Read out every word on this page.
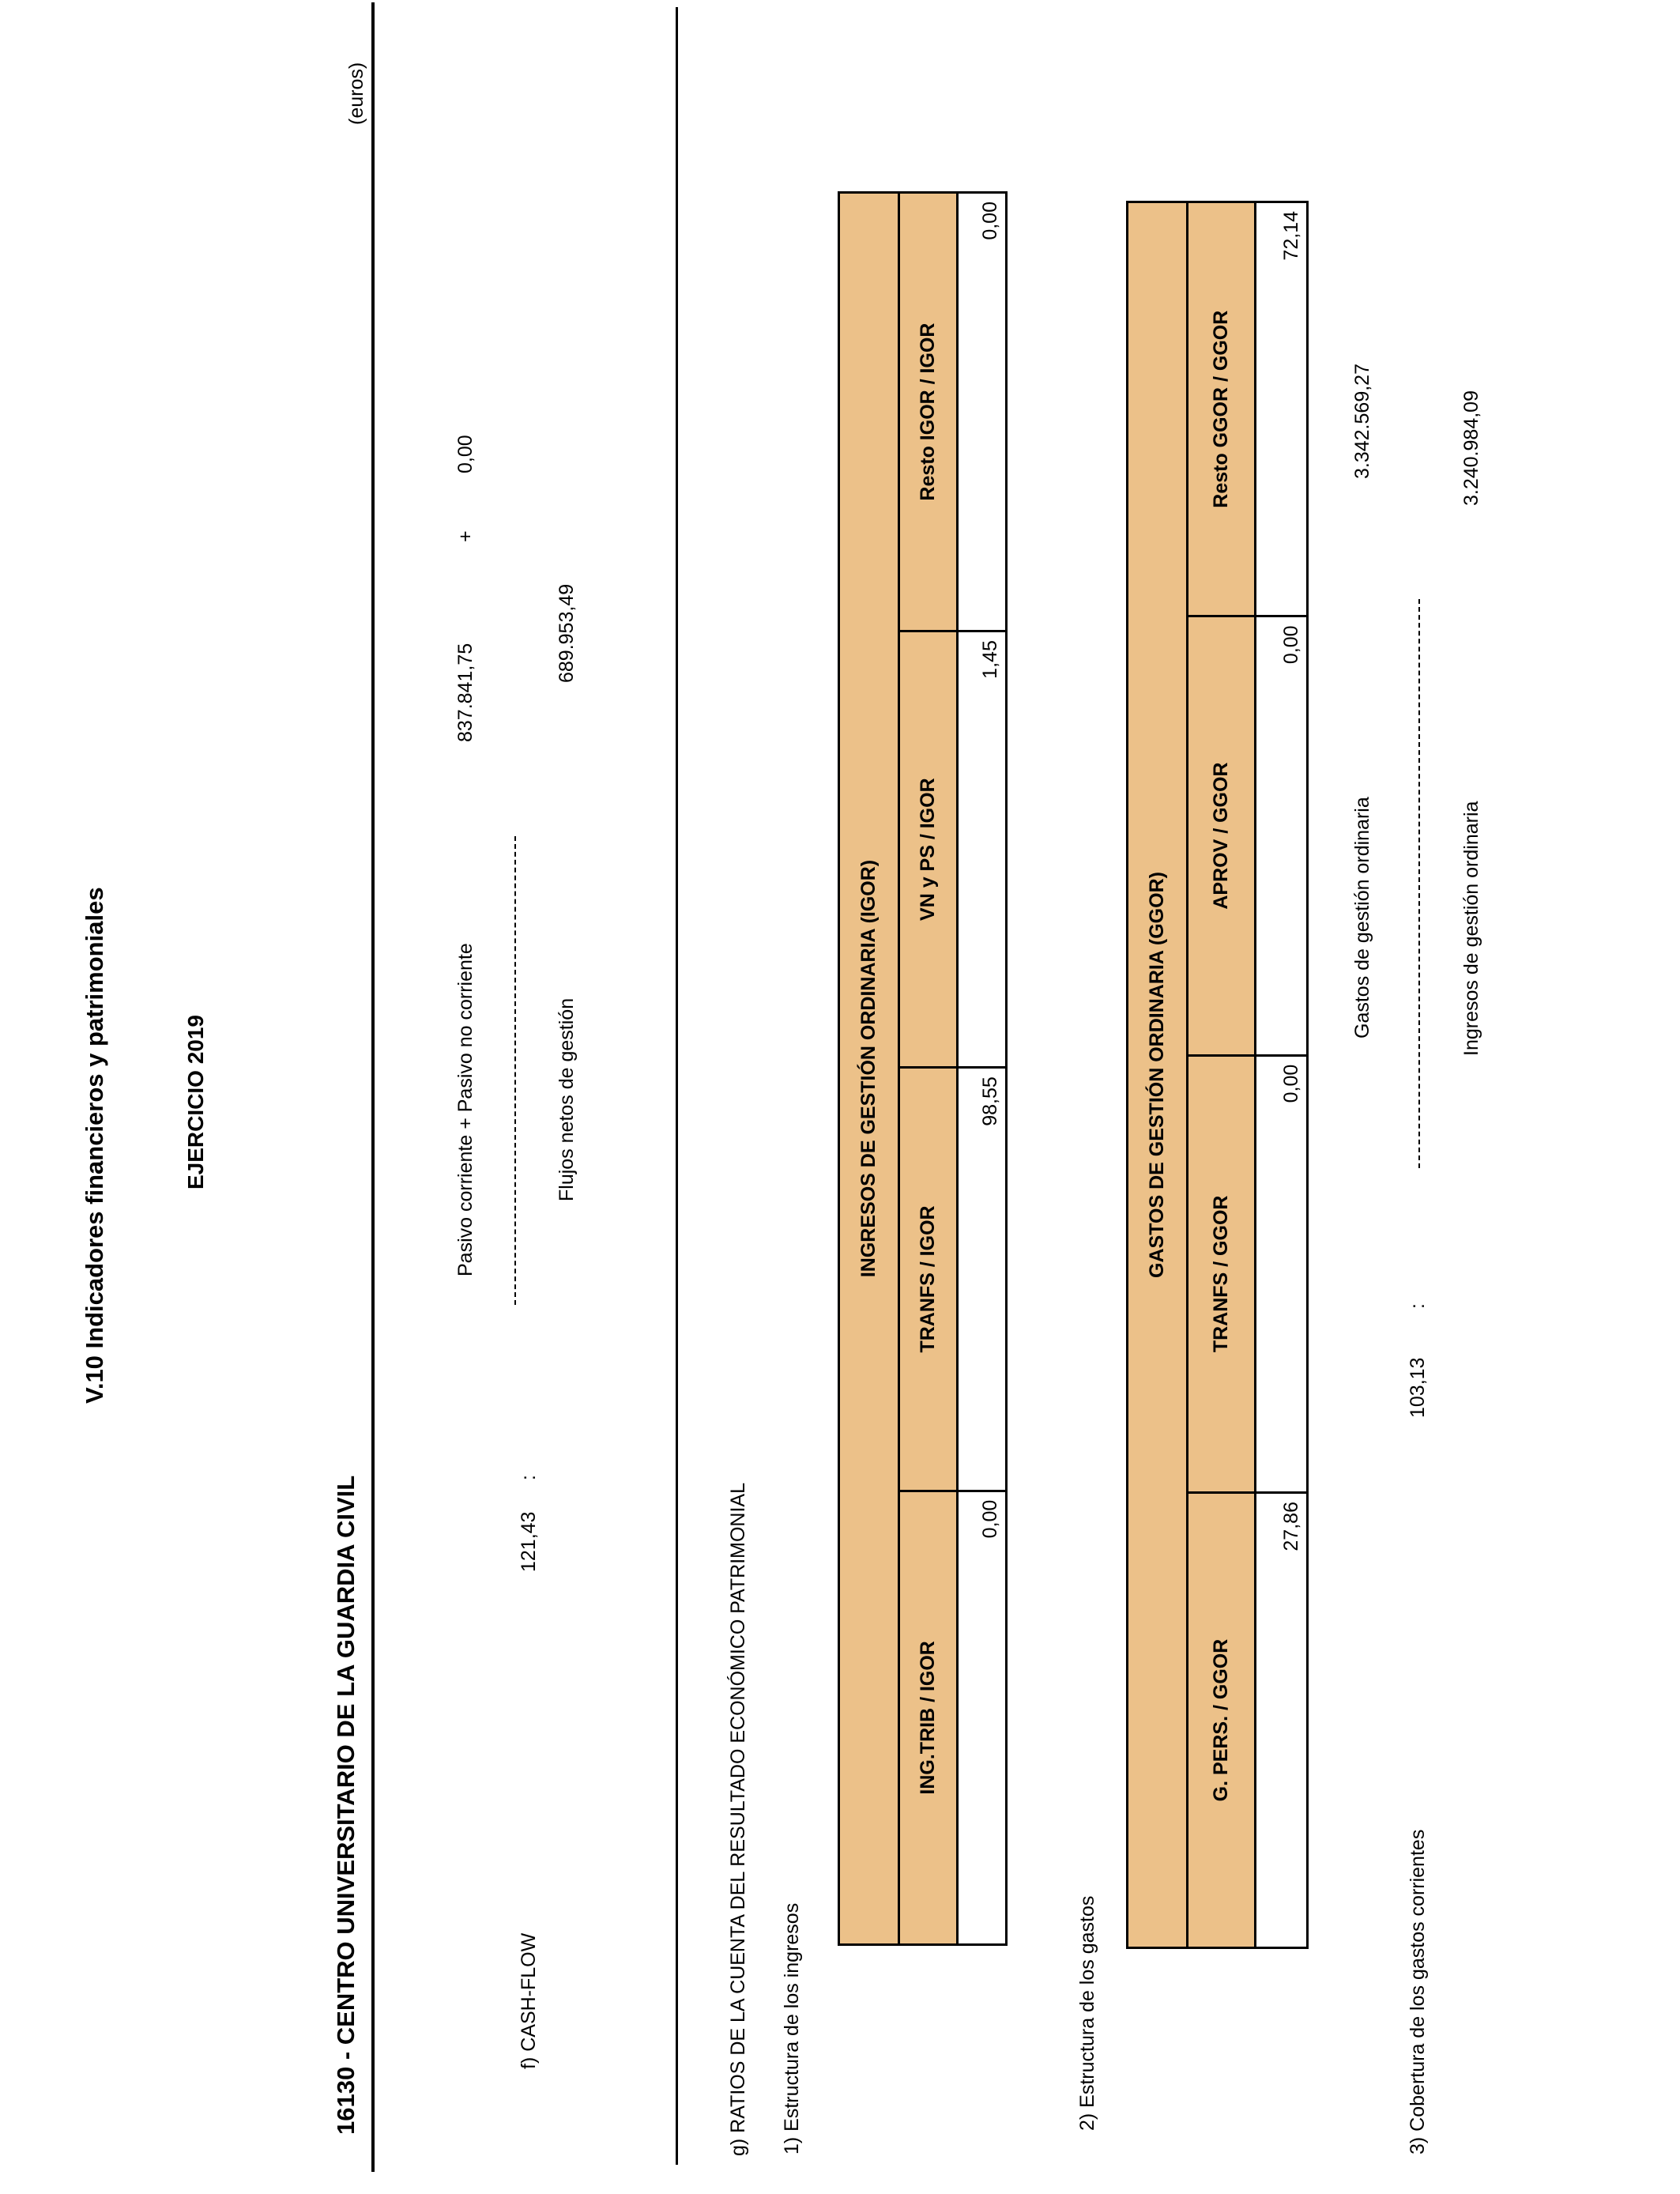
V.10 Indicadores financieros y patrimoniales	EJERCICIO 2019
16130 - CENTRO UNIVERSITARIO DE LA GUARDIA CIVIL
(euros)
f) CASH-FLOW
121,43
:
Pasivo corriente + Pasivo no corriente
837.841,75
+
0,00
Flujos netos de gestión
689.953,49
g) RATIOS DE LA CUENTA DEL RESULTADO ECONÓMICO PATRIMONIAL 1) Estructura de los ingresos
INGRESOS DE GESTIÓN ORDINARIA (IGOR)			
ING.TRIB / IGOR	TRANFS / IGOR	VN y PS / IGOR	Resto IGOR / IGOR
0,00	98,55	1,45	0,00
2) Estructura de los gastos
GASTOS DE GESTIÓN ORDINARIA (GGOR)			
G. PERS. / GGOR	TRANFS / GGOR	APROV / GGOR	Resto GGOR / GGOR
27,86	0,00	0,00	72,14
3) Cobertura de los gastos corrientes
103,13
:
Gastos de gestión ordinaria
3.342.569,27
Ingresos de gestión ordinaria
3.240.984,09
